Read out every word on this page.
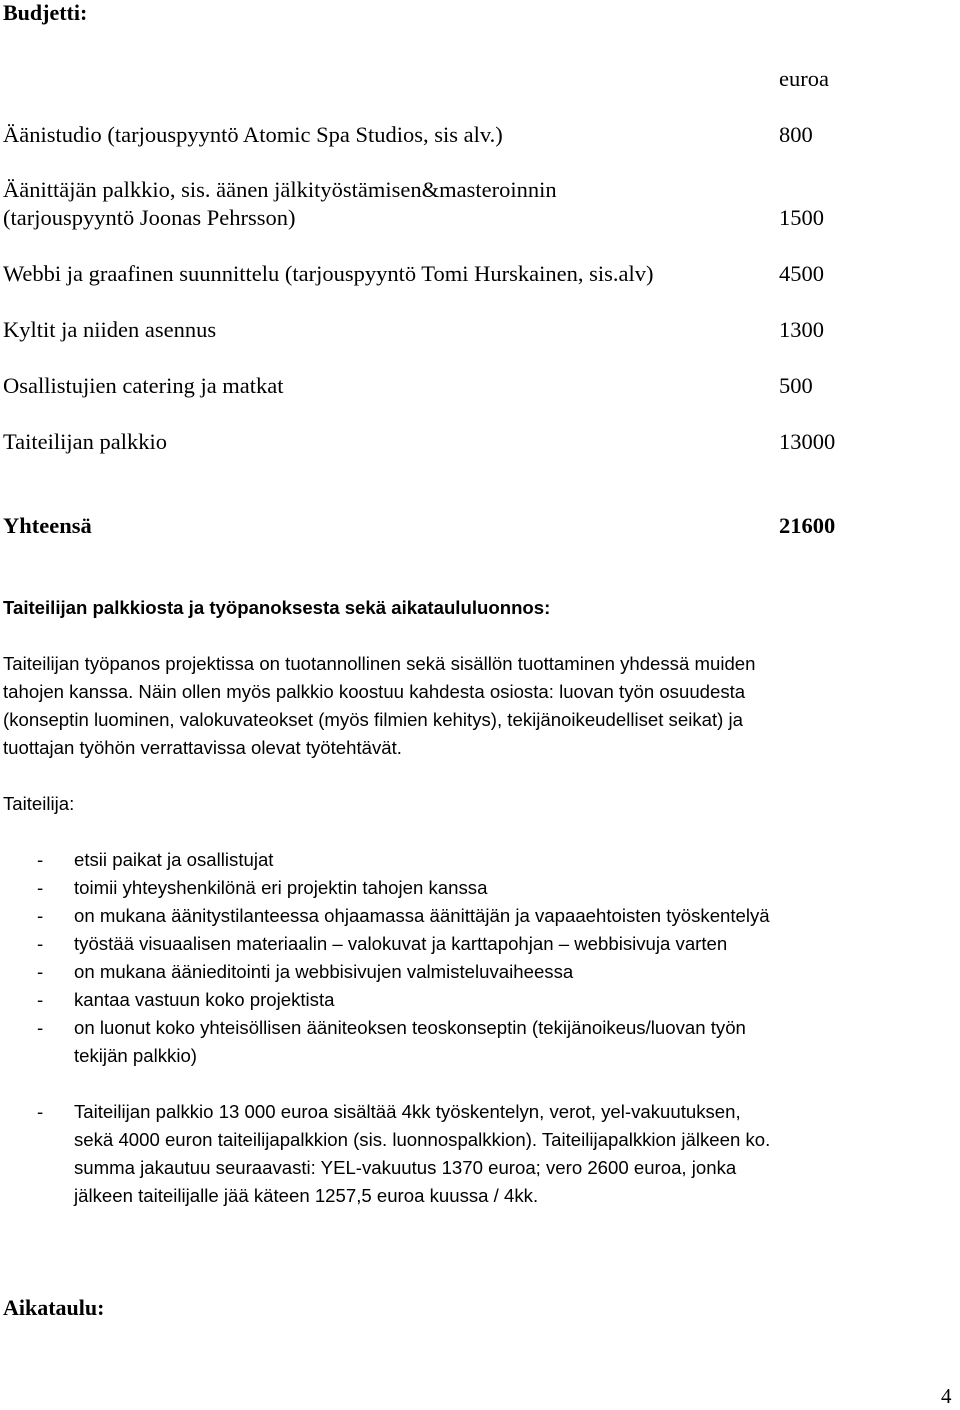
Budjetti:
euroa
Äänistudio (tarjouspyyntö Atomic Spa Studios, sis alv.)	800
Äänittäjän palkkio, sis. äänen jälkityöstämisen&masteroinnin
(tarjouspyyntö Joonas Pehrsson)	1500
Webbi ja graafinen suunnittelu (tarjouspyyntö Tomi Hurskainen, sis.alv)	4500
Kyltit ja niiden asennus	1300
Osallistujien catering ja matkat	500
Taiteilijan palkkio	13000
Yhteensä	21600
Taiteilijan palkkiosta ja työpanoksesta sekä aikataululuonnos:
Taiteilijan työpanos projektissa on tuotannollinen sekä sisällön tuottaminen yhdessä muiden
tahojen kanssa. Näin ollen myös palkkio koostuu kahdesta osiosta: luovan työn osuudesta
(konseptin luominen, valokuvateokset (myös filmien kehitys), tekijänoikeudelliset seikat) ja
tuottajan työhön verrattavissa olevat työtehtävät.
Taiteilija:
- etsii paikat ja osallistujat
- toimii yhteyshenkilönä eri projektin tahojen kanssa
- on mukana äänitystilanteessa ohjaamassa äänittäjän ja vapaaehtoisten työskentelyä
- työstää visuaalisen materiaalin – valokuvat ja karttapohjan – webbisivuja varten
- on mukana äänieditointi ja webbisivujen valmisteluvaiheessa
- kantaa vastuun koko projektista
- on luonut koko yhteisöllisen ääniteoksen teoskonseptin (tekijänoikeus/luovan työn
tekijän palkkio)
- Taiteilijan palkkio 13 000 euroa sisältää 4kk työskentelyn, verot, yel-vakuutuksen,
sekä 4000 euron taiteilijapalkkion (sis. luonnospalkkion). Taiteilijapalkkion jälkeen ko.
summa jakautuu seuraavasti: YEL-vakuutus 1370 euroa; vero 2600 euroa, jonka
jälkeen taiteilijalle jää käteen 1257,5 euroa kuussa / 4kk.
Aikataulu:
4
